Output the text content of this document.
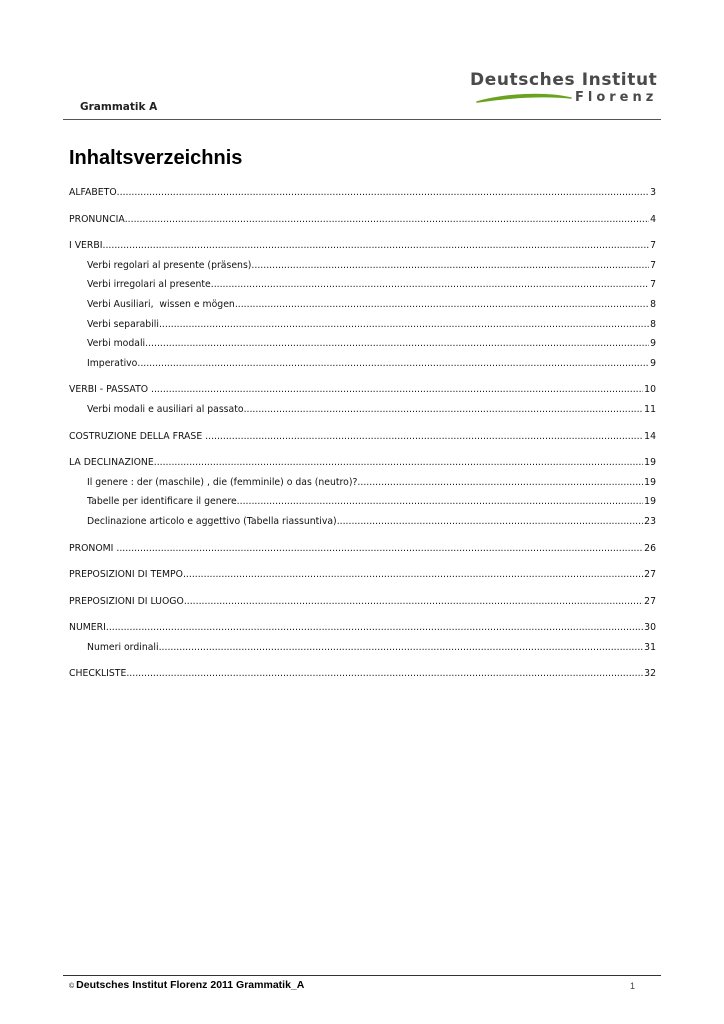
Grammatik A
Deutsches Institut
Florenz
Inhaltsverzeichnis
ALFABETO .....	3
PRONUNCIA .....	4
I VERBI .....	7
Verbi regolari al presente (präsens) .....	7
Verbi irregolari al presente .....	7
Verbi Ausiliari,  wissen e mögen .....	8
Verbi separabili .....	8
Verbi modali .....	9
Imperativo .....	9
VERBI - PASSATO .....	10
Verbi modali e ausiliari al passato .....	11
COSTRUZIONE DELLA FRASE .....	14
LA DECLINAZIONE .....	19
Il genere : der (maschile) , die (femminile) o das (neutro)? .....	19
Tabelle per identificare il genere .....	19
Declinazione articolo e aggettivo (Tabella riassuntiva) .....	23
PRONOMI .....	26
PREPOSIZIONI DI TEMPO .....	27
PREPOSIZIONI DI LUOGO .....	27
NUMERI .....	30
Numeri ordinali .....	31
CHECKLISTE .....	32
© Deutsches Institut Florenz 2011 Grammatik_A	1
